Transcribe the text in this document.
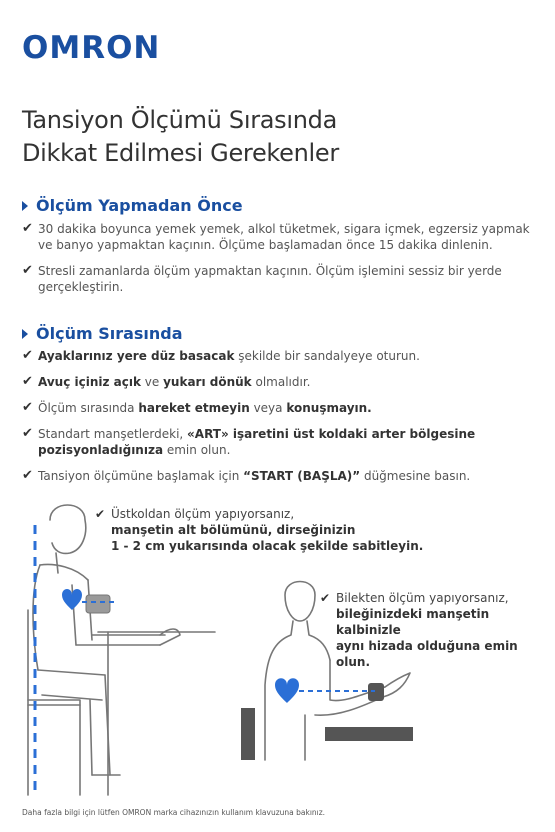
OMRON
Tansiyon Ölçümü Sırasında
Dikkat Edilmesi Gerekenler
Ölçüm Yapmadan Önce
✔ 30 dakika boyunca yemek yemek, alkol tüketmek, sigara içmek, egzersiz yapmak ve banyo yapmaktan kaçının. Ölçüme başlamadan önce 15 dakika dinlenin.
✔ Stresli zamanlarda ölçüm yapmaktan kaçının. Ölçüm işlemini sessiz bir yerde gerçekleştirin.
Ölçüm Sırasında
✔ Ayaklarınız yere düz basacak şekilde bir sandalyeye oturun.
✔ Avuç içiniz açık ve yukarı dönük olmalıdır.
✔ Ölçüm sırasında hareket etmeyin veya konuşmayın.
✔ Standart manşetlerdeki, «ART» işaretini üst koldaki arter bölgesine pozisyonladığınıza emin olun.
✔ Tansiyon ölçümüne başlamak için “START (BAŞLA)” düğmesine basın.
✔ Üstkoldan ölçüm yapıyorsanız,
manşetin alt bölümünü, dirseğinizin
1 - 2 cm yukarısında olacak şekilde sabitleyin.
✔ Bilekten ölçüm yapıyorsanız,
bileğinizdeki manşetin kalbinizle
aynı hizada olduğuna emin olun.
Daha fazla bilgi için lütfen OMRON marka cihazınızın kullanım klavuzuna bakınız.
